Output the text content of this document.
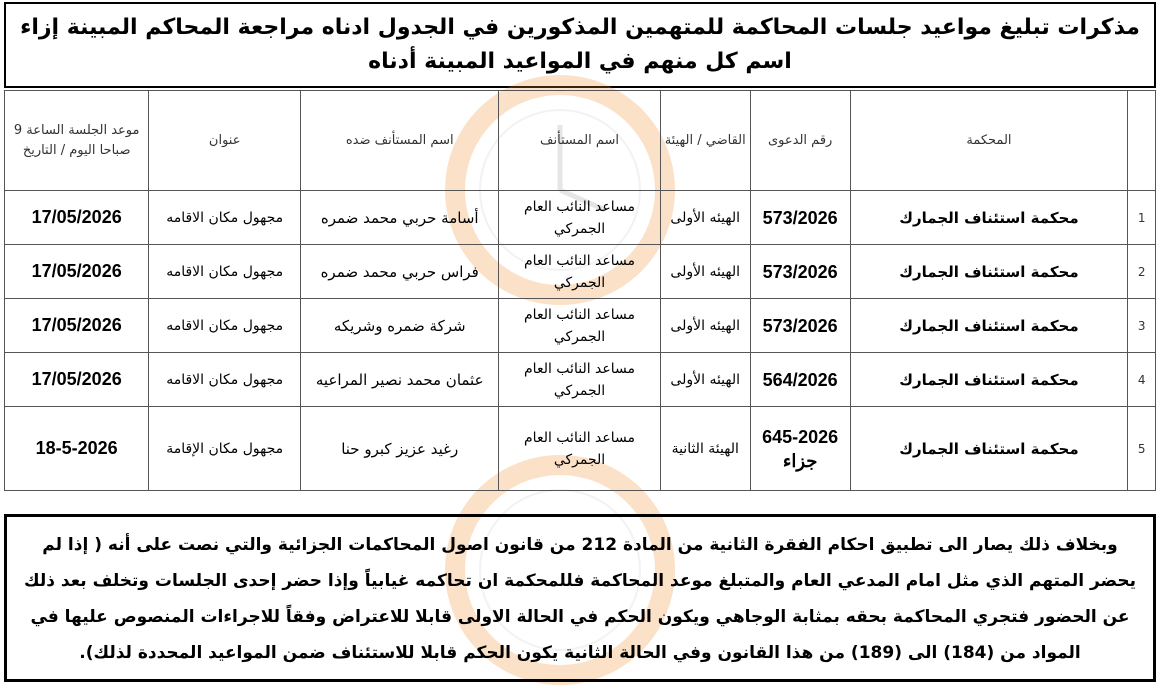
مذكرات تبليغ مواعيد جلسات المحاكمة للمتهمين المذكورين في الجدول ادناه مراجعة المحاكم المبينة إزاء اسم كل منهم في المواعيد المبينة أدناه
	المحكمة	رقم الدعوى	القاضي / الهيئة	اسم المستأنف	اسم المستأنف ضده	عنوان	موعد الجلسة الساعة 9 صباحا اليوم / التاريخ
1	محكمة استئناف الجمارك	573/2026	الهيئه الأولى	مساعد النائب العام الجمركي	أسامة حربي محمد ضمره	مجهول مكان الاقامه	17/05/2026
2	محكمة استئناف الجمارك	573/2026	الهيئه الأولى	مساعد النائب العام الجمركي	فراس حربي محمد ضمره	مجهول مكان الاقامه	17/05/2026
3	محكمة استئناف الجمارك	573/2026	الهيئه الأولى	مساعد النائب العام الجمركي	شركة ضمره وشريكه	مجهول مكان الاقامه	17/05/2026
4	محكمة استئناف الجمارك	564/2026	الهيئه الأولى	مساعد النائب العام الجمركي	عثمان محمد نصير المراعيه	مجهول مكان الاقامه	17/05/2026
5	محكمة استئناف الجمارك	645-2026 جزاء	الهيئة الثانية	مساعد النائب العام الجمركي	رغيد عزيز كبرو حنا	مجهول مكان الإقامة	18-5-2026
وبخلاف ذلك يصار الى تطبيق احكام الفقرة الثانية من المادة 212 من قانون اصول المحاكمات الجزائية والتي نصت على أنه ( إذا لم يحضر المتهم الذي مثل امام المدعي العام والمتبلغ موعد المحاكمة فللمحكمة ان تحاكمه غيابياً وإذا حضر إحدى الجلسات وتخلف بعد ذلك عن الحضور فتجري المحاكمة بحقه بمثابة الوجاهي ويكون الحكم في الحالة الاولى قابلا للاعتراض وفقاً للاجراءات المنصوص عليها في المواد من (184) الى (189) من هذا القانون وفي الحالة الثانية يكون الحكم قابلا للاستئناف ضمن المواعيد المحددة لذلك).
